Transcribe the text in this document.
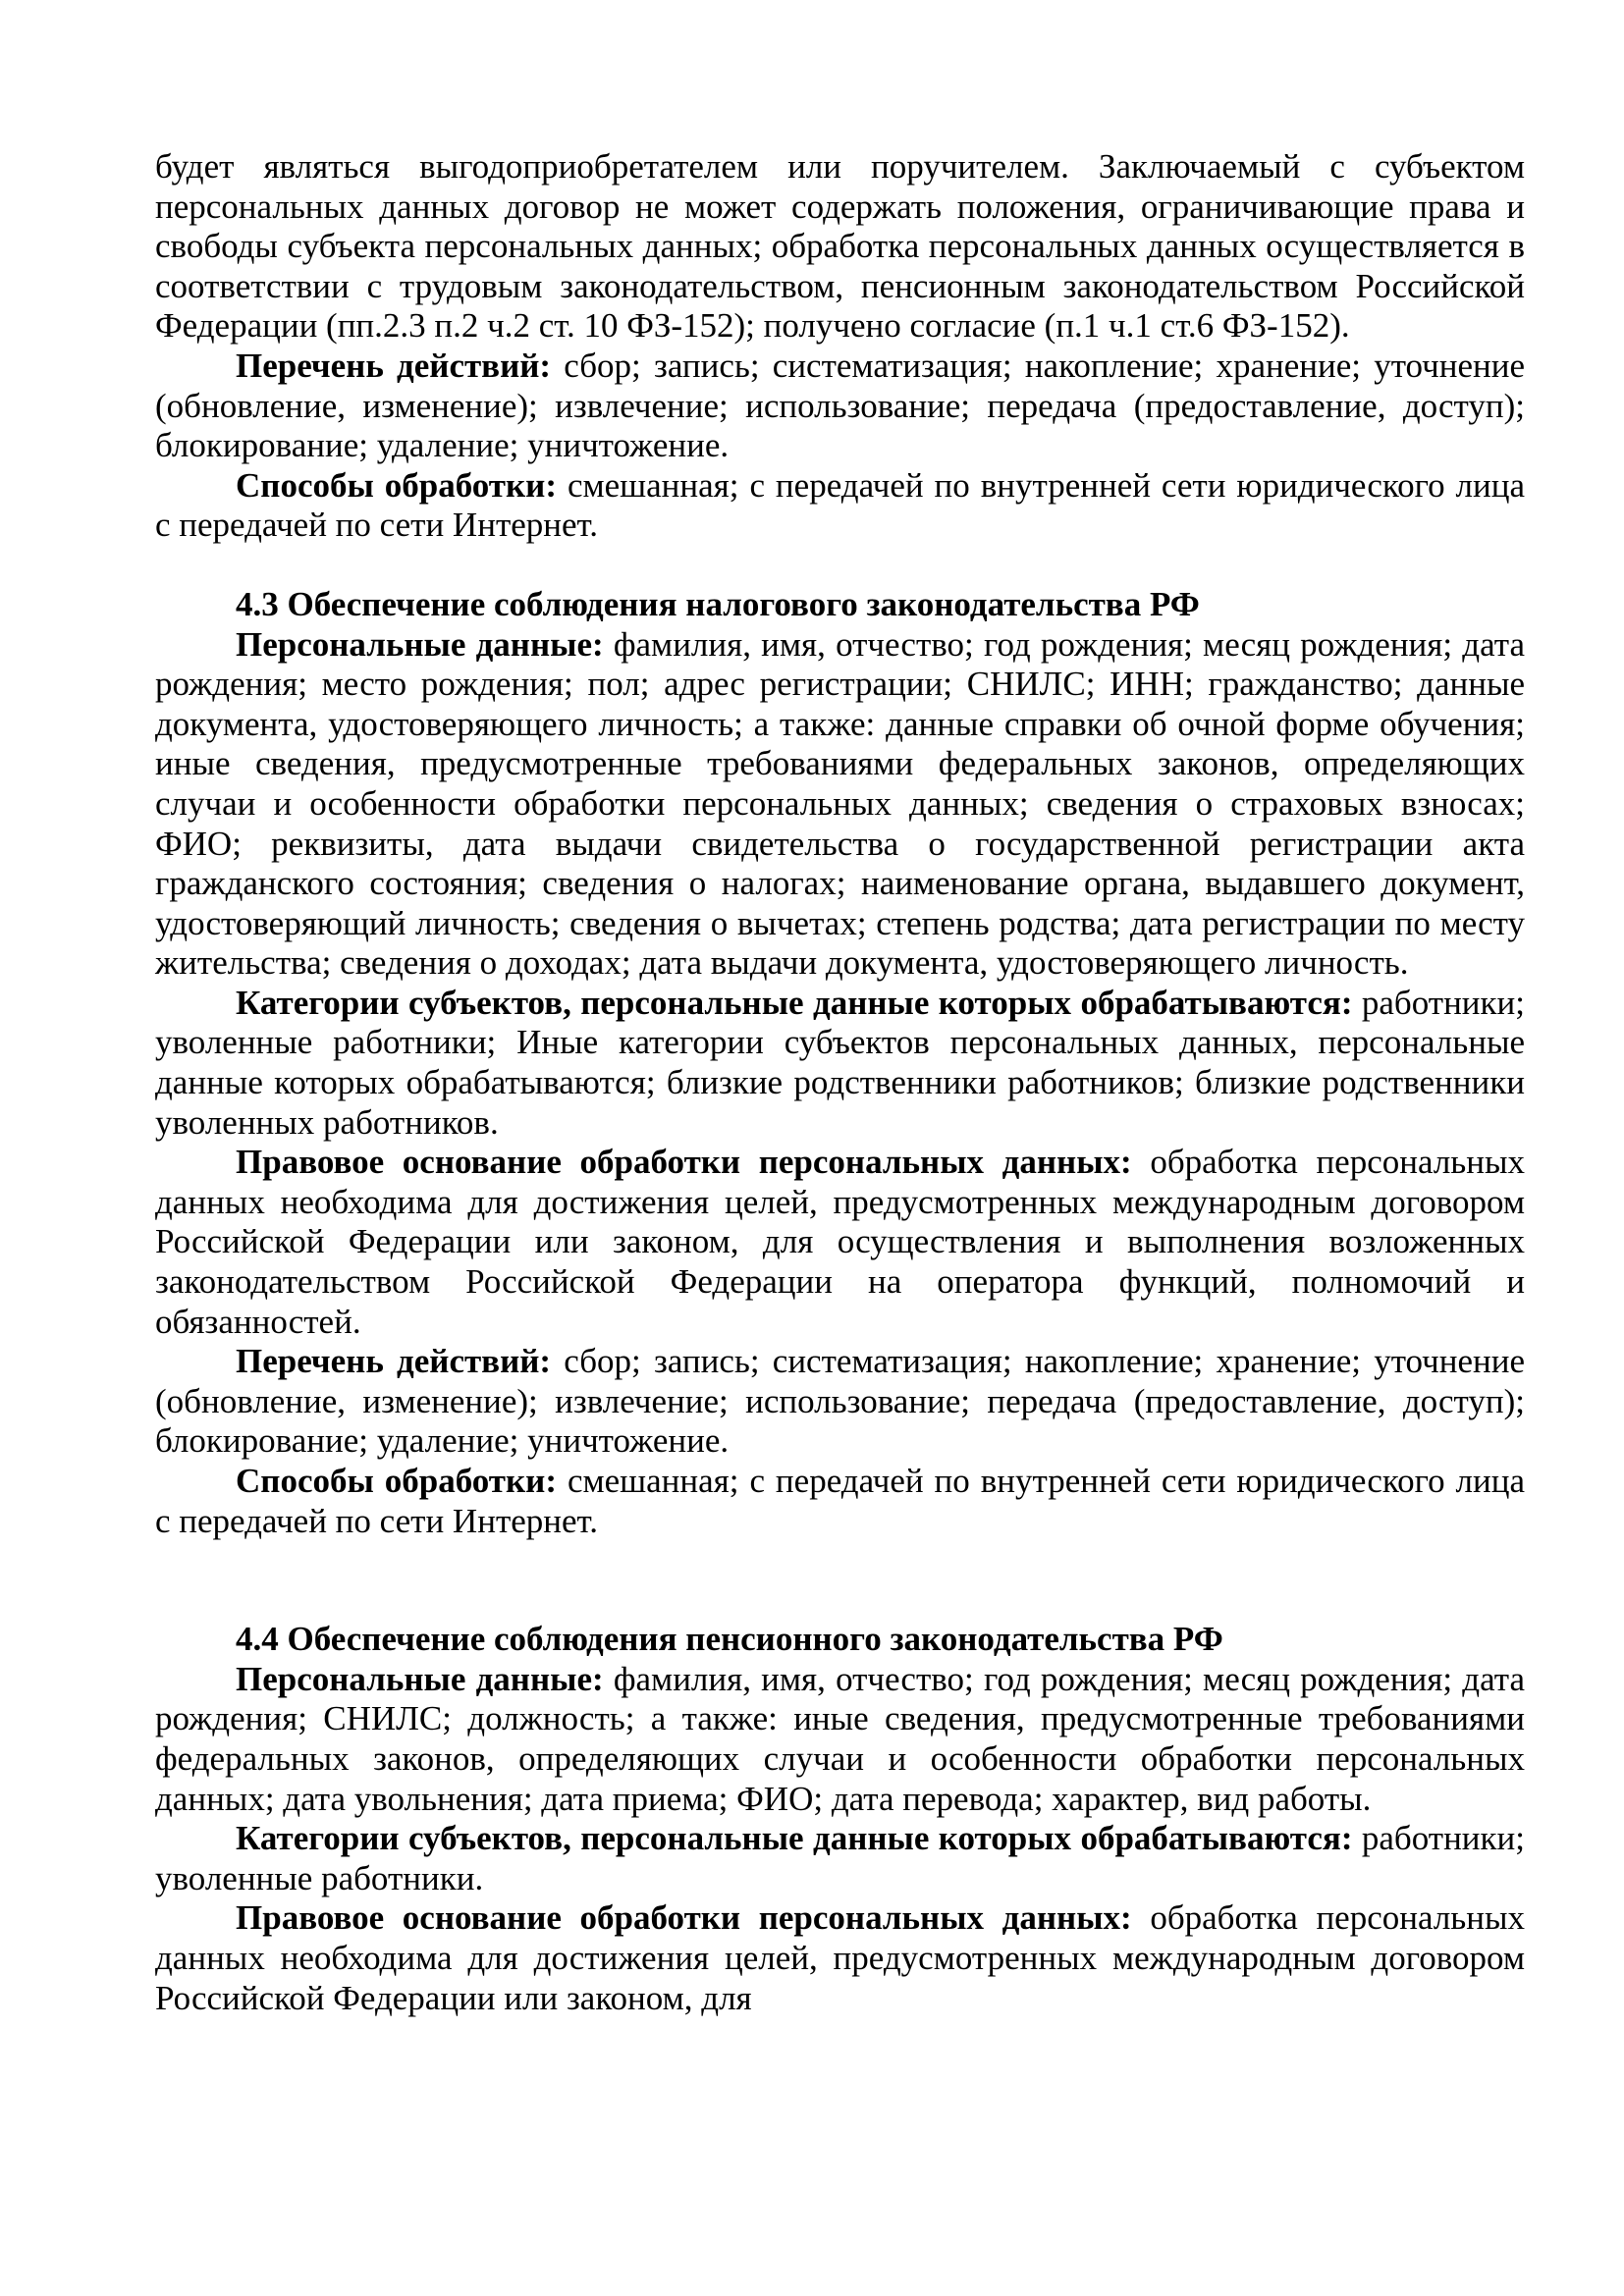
будет являться выгодоприобретателем или поручителем. Заключаемый с субъектом персональных данных договор не может содержать положения, ограничивающие права и свободы субъекта персональных данных; обработка персональных данных осуществляется в соответствии с трудовым законодательством, пенсионным законодательством Российской Федерации (пп.2.3 п.2 ч.2 ст. 10 ФЗ-152); получено согласие (п.1 ч.1 ст.6 ФЗ-152).

Перечень действий: сбор; запись; систематизация; накопление; хранение; уточнение (обновление, изменение); извлечение; использование; передача (предоставление, доступ); блокирование; удаление; уничтожение.

Способы обработки: смешанная; с передачей по внутренней сети юридического лица с передачей по сети Интернет.

4.3 Обеспечение соблюдения налогового законодательства РФ

Персональные данные: фамилия, имя, отчество; год рождения; месяц рождения; дата рождения; место рождения; пол; адрес регистрации; СНИЛС; ИНН; гражданство; данные документа, удостоверяющего личность; а также: данные справки об очной форме обучения; иные сведения, предусмотренные требованиями федеральных законов, определяющих случаи и особенности обработки персональных данных; сведения о страховых взносах; ФИО; реквизиты, дата выдачи свидетельства о государственной регистрации акта гражданского состояния; сведения о налогах; наименование органа, выдавшего документ, удостоверяющий личность; сведения о вычетах; степень родства; дата регистрации по месту жительства; сведения о доходах; дата выдачи документа, удостоверяющего личность.

Категории субъектов, персональные данные которых обрабатываются: работники; уволенные работники; Иные категории субъектов персональных данных, персональные данные которых обрабатываются; близкие родственники работников; близкие родственники уволенных работников.

Правовое основание обработки персональных данных: обработка персональных данных необходима для достижения целей, предусмотренных международным договором Российской Федерации или законом, для осуществления и выполнения возложенных законодательством Российской Федерации на оператора функций, полномочий и обязанностей.

Перечень действий: сбор; запись; систематизация; накопление; хранение; уточнение (обновление, изменение); извлечение; использование; передача (предоставление, доступ); блокирование; удаление; уничтожение.

Способы обработки: смешанная; с передачей по внутренней сети юридического лица с передачей по сети Интернет.

4.4 Обеспечение соблюдения пенсионного законодательства РФ

Персональные данные: фамилия, имя, отчество; год рождения; месяц рождения; дата рождения; СНИЛС; должность; а также: иные сведения, предусмотренные требованиями федеральных законов, определяющих случаи и особенности обработки персональных данных; дата увольнения; дата приема; ФИО; дата перевода; характер, вид работы.

Категории субъектов, персональные данные которых обрабатываются: работники; уволенные работники.

Правовое основание обработки персональных данных: обработка персональных данных необходима для достижения целей, предусмотренных международным договором Российской Федерации или законом, для
